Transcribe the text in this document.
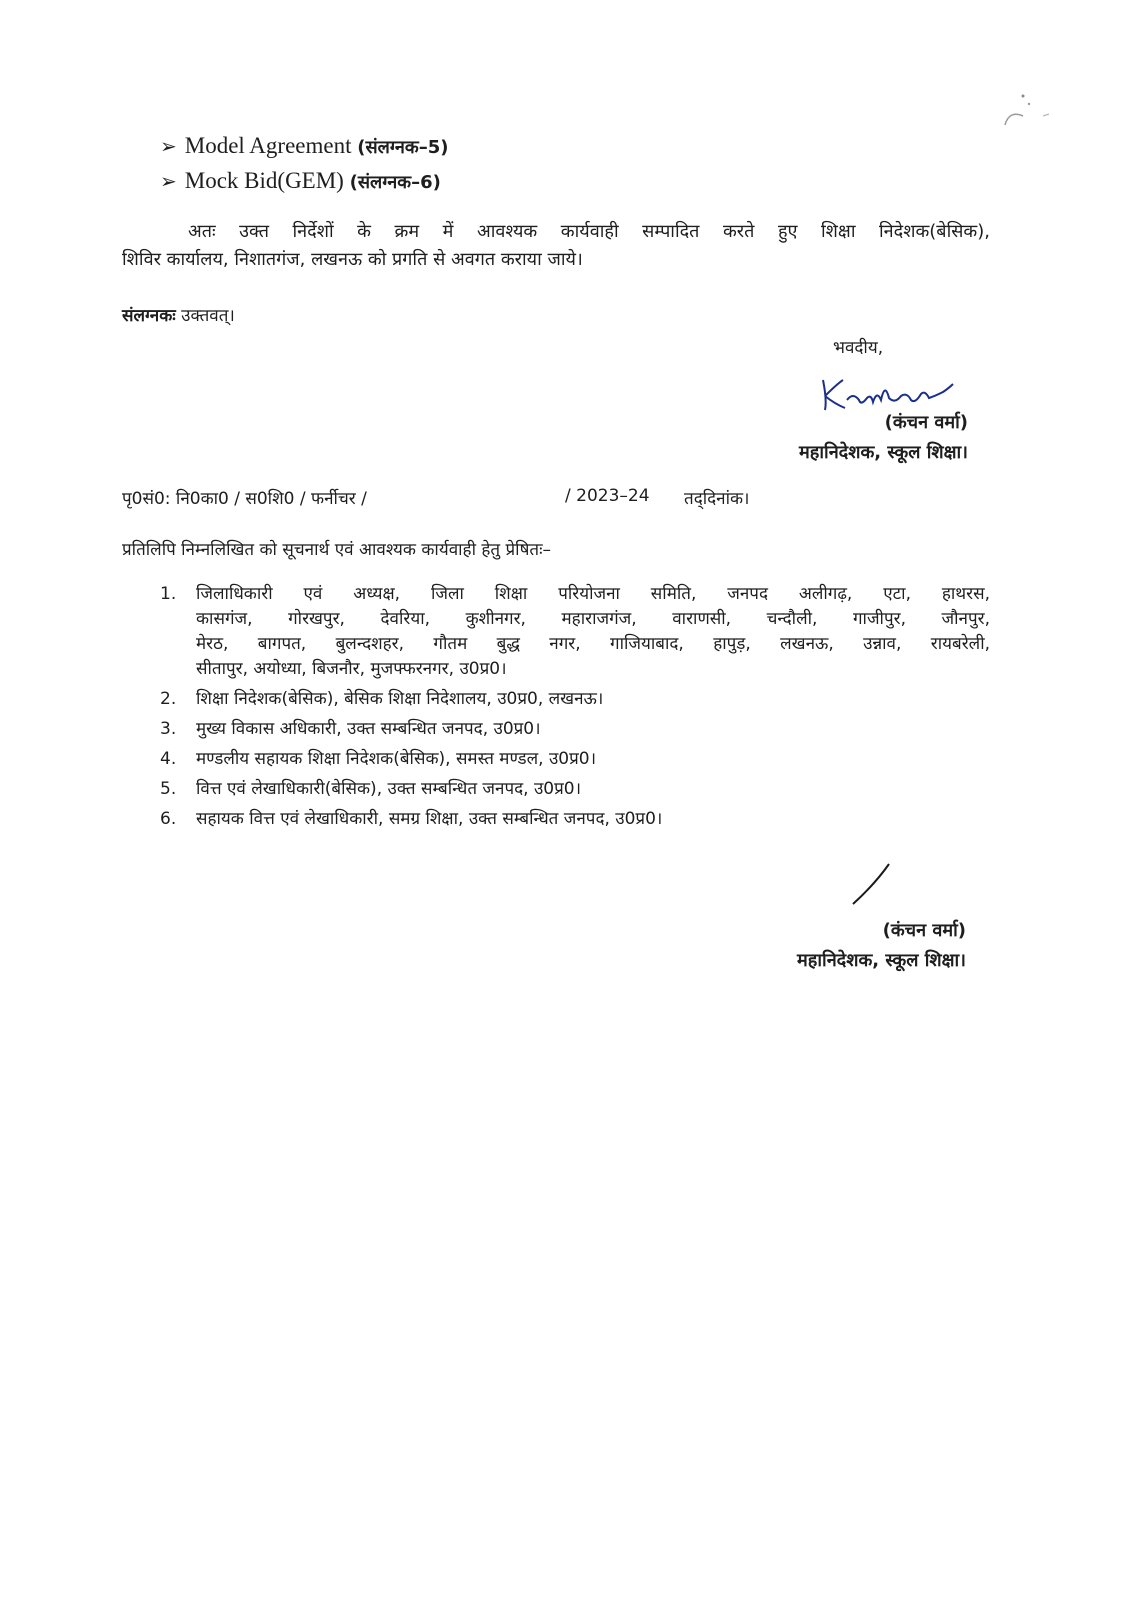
➢ Model Agreement (संलग्नक–5)
➢ Mock Bid(GEM) (संलग्नक–6)
अतः उक्त निर्देशों के क्रम में आवश्यक कार्यवाही सम्पादित करते हुए शिक्षा निदेशक(बेसिक),
शिविर कार्यालय, निशातगंज, लखनऊ को प्रगति से अवगत कराया जाये।
संलग्नकः उक्तवत्।
भवदीय,
(कंचन वर्मा)
महानिदेशक, स्कूल शिक्षा।
पृ0सं0: नि0का0 / स0शि0 / फर्नीचर /	/ 2023–24 तद्‌दिनांक।
प्रतिलिपि निम्नलिखित को सूचनार्थ एवं आवश्यक कार्यवाही हेतु प्रेषितः–
1. जिलाधिकारी एवं अध्यक्ष, जिला शिक्षा परियोजना समिति, जनपद अलीगढ़, एटा, हाथरस,
कासगंज, गोरखपुर, देवरिया, कुशीनगर, महाराजगंज, वाराणसी, चन्दौली, गाजीपुर, जौनपुर,
मेरठ, बागपत, बुलन्दशहर, गौतम बुद्ध नगर, गाजियाबाद, हापुड़, लखनऊ, उन्नाव, रायबरेली,
सीतापुर, अयोध्या, बिजनौर, मुजफ्फरनगर, उ0प्र0।
2. शिक्षा निदेशक(बेसिक), बेसिक शिक्षा निदेशालय, उ0प्र0, लखनऊ।
3. मुख्य विकास अधिकारी, उक्त सम्बन्धित जनपद, उ0प्र0।
4. मण्डलीय सहायक शिक्षा निदेशक(बेसिक), समस्त मण्डल, उ0प्र0।
5. वित्त एवं लेखाधिकारी(बेसिक), उक्त सम्बन्धित जनपद, उ0प्र0।
6. सहायक वित्त एवं लेखाधिकारी, समग्र शिक्षा, उक्त सम्बन्धित जनपद, उ0प्र0।
(कंचन वर्मा)
महानिदेशक, स्कूल शिक्षा।
